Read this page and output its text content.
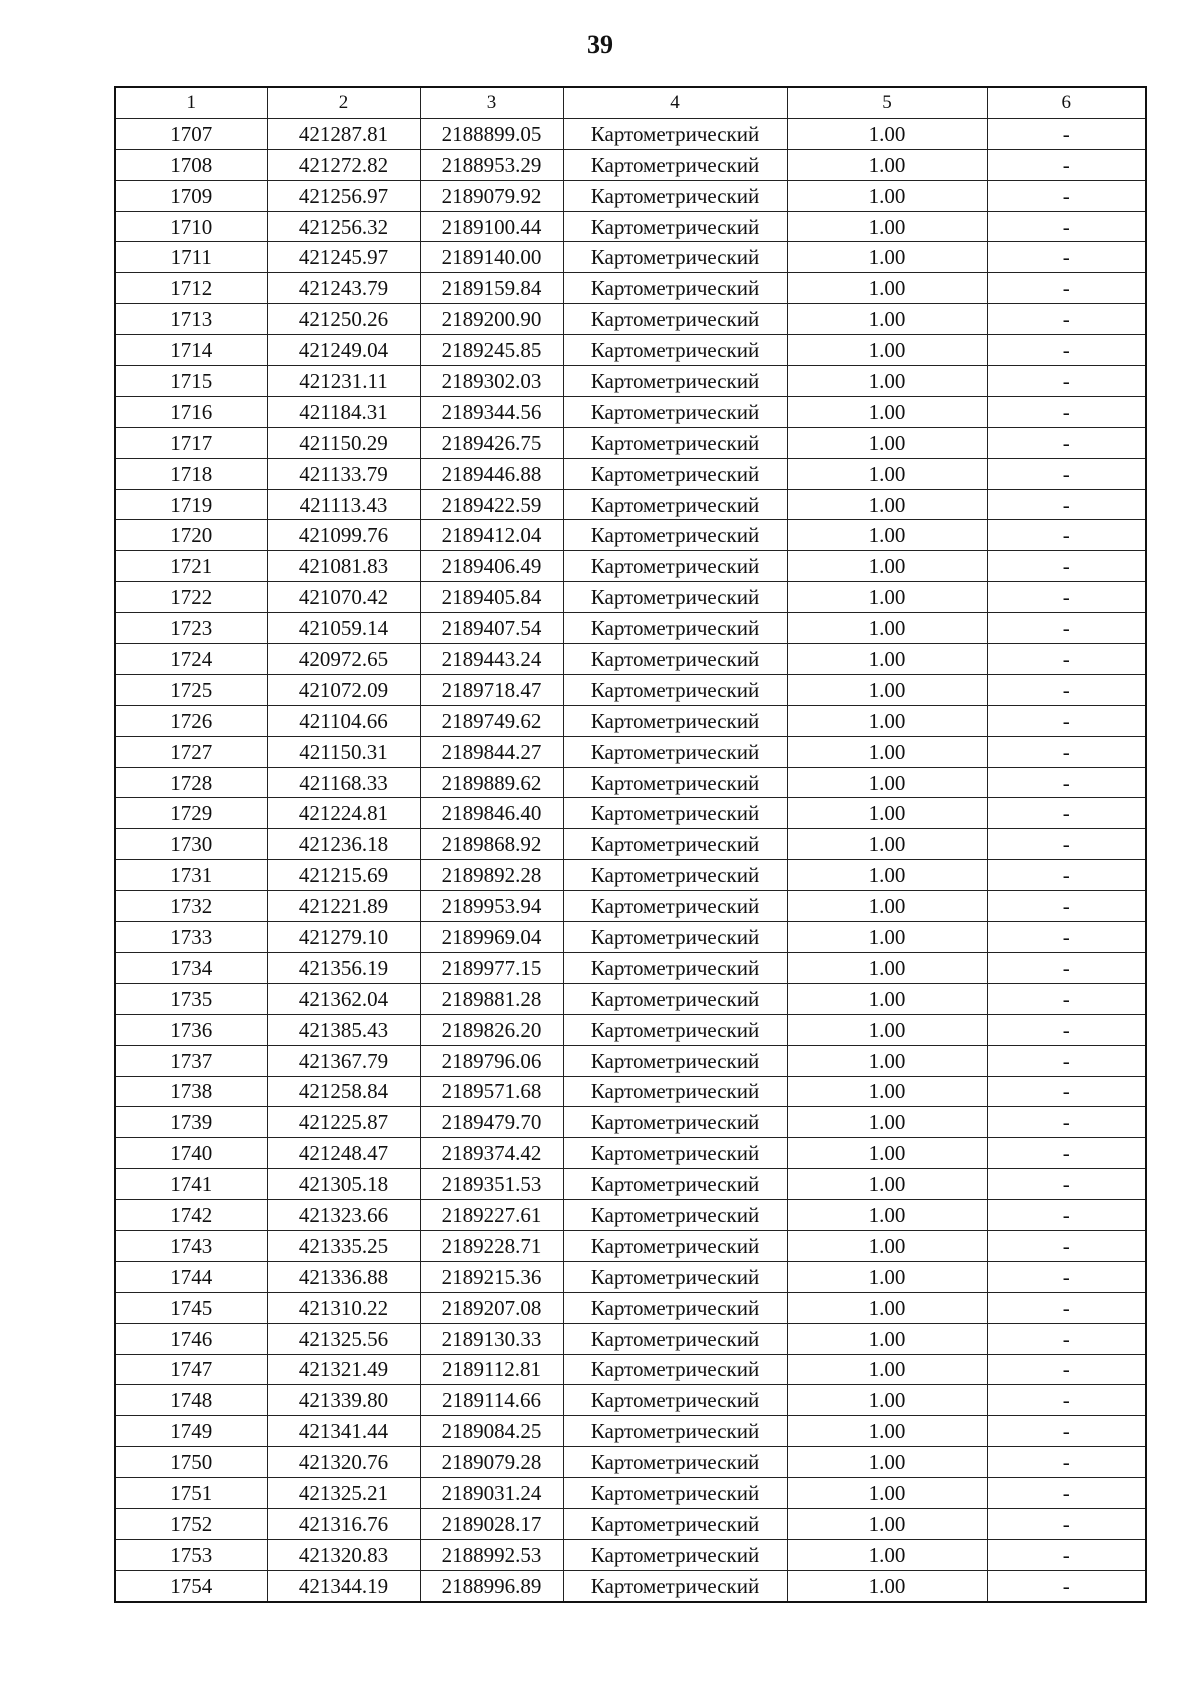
39
1	2	3	4	5	6
1707	421287.81	2188899.05	Картометрический	1.00	-
1708	421272.82	2188953.29	Картометрический	1.00	-
1709	421256.97	2189079.92	Картометрический	1.00	-
1710	421256.32	2189100.44	Картометрический	1.00	-
1711	421245.97	2189140.00	Картометрический	1.00	-
1712	421243.79	2189159.84	Картометрический	1.00	-
1713	421250.26	2189200.90	Картометрический	1.00	-
1714	421249.04	2189245.85	Картометрический	1.00	-
1715	421231.11	2189302.03	Картометрический	1.00	-
1716	421184.31	2189344.56	Картометрический	1.00	-
1717	421150.29	2189426.75	Картометрический	1.00	-
1718	421133.79	2189446.88	Картометрический	1.00	-
1719	421113.43	2189422.59	Картометрический	1.00	-
1720	421099.76	2189412.04	Картометрический	1.00	-
1721	421081.83	2189406.49	Картометрический	1.00	-
1722	421070.42	2189405.84	Картометрический	1.00	-
1723	421059.14	2189407.54	Картометрический	1.00	-
1724	420972.65	2189443.24	Картометрический	1.00	-
1725	421072.09	2189718.47	Картометрический	1.00	-
1726	421104.66	2189749.62	Картометрический	1.00	-
1727	421150.31	2189844.27	Картометрический	1.00	-
1728	421168.33	2189889.62	Картометрический	1.00	-
1729	421224.81	2189846.40	Картометрический	1.00	-
1730	421236.18	2189868.92	Картометрический	1.00	-
1731	421215.69	2189892.28	Картометрический	1.00	-
1732	421221.89	2189953.94	Картометрический	1.00	-
1733	421279.10	2189969.04	Картометрический	1.00	-
1734	421356.19	2189977.15	Картометрический	1.00	-
1735	421362.04	2189881.28	Картометрический	1.00	-
1736	421385.43	2189826.20	Картометрический	1.00	-
1737	421367.79	2189796.06	Картометрический	1.00	-
1738	421258.84	2189571.68	Картометрический	1.00	-
1739	421225.87	2189479.70	Картометрический	1.00	-
1740	421248.47	2189374.42	Картометрический	1.00	-
1741	421305.18	2189351.53	Картометрический	1.00	-
1742	421323.66	2189227.61	Картометрический	1.00	-
1743	421335.25	2189228.71	Картометрический	1.00	-
1744	421336.88	2189215.36	Картометрический	1.00	-
1745	421310.22	2189207.08	Картометрический	1.00	-
1746	421325.56	2189130.33	Картометрический	1.00	-
1747	421321.49	2189112.81	Картометрический	1.00	-
1748	421339.80	2189114.66	Картометрический	1.00	-
1749	421341.44	2189084.25	Картометрический	1.00	-
1750	421320.76	2189079.28	Картометрический	1.00	-
1751	421325.21	2189031.24	Картометрический	1.00	-
1752	421316.76	2189028.17	Картометрический	1.00	-
1753	421320.83	2188992.53	Картометрический	1.00	-
1754	421344.19	2188996.89	Картометрический	1.00	-
